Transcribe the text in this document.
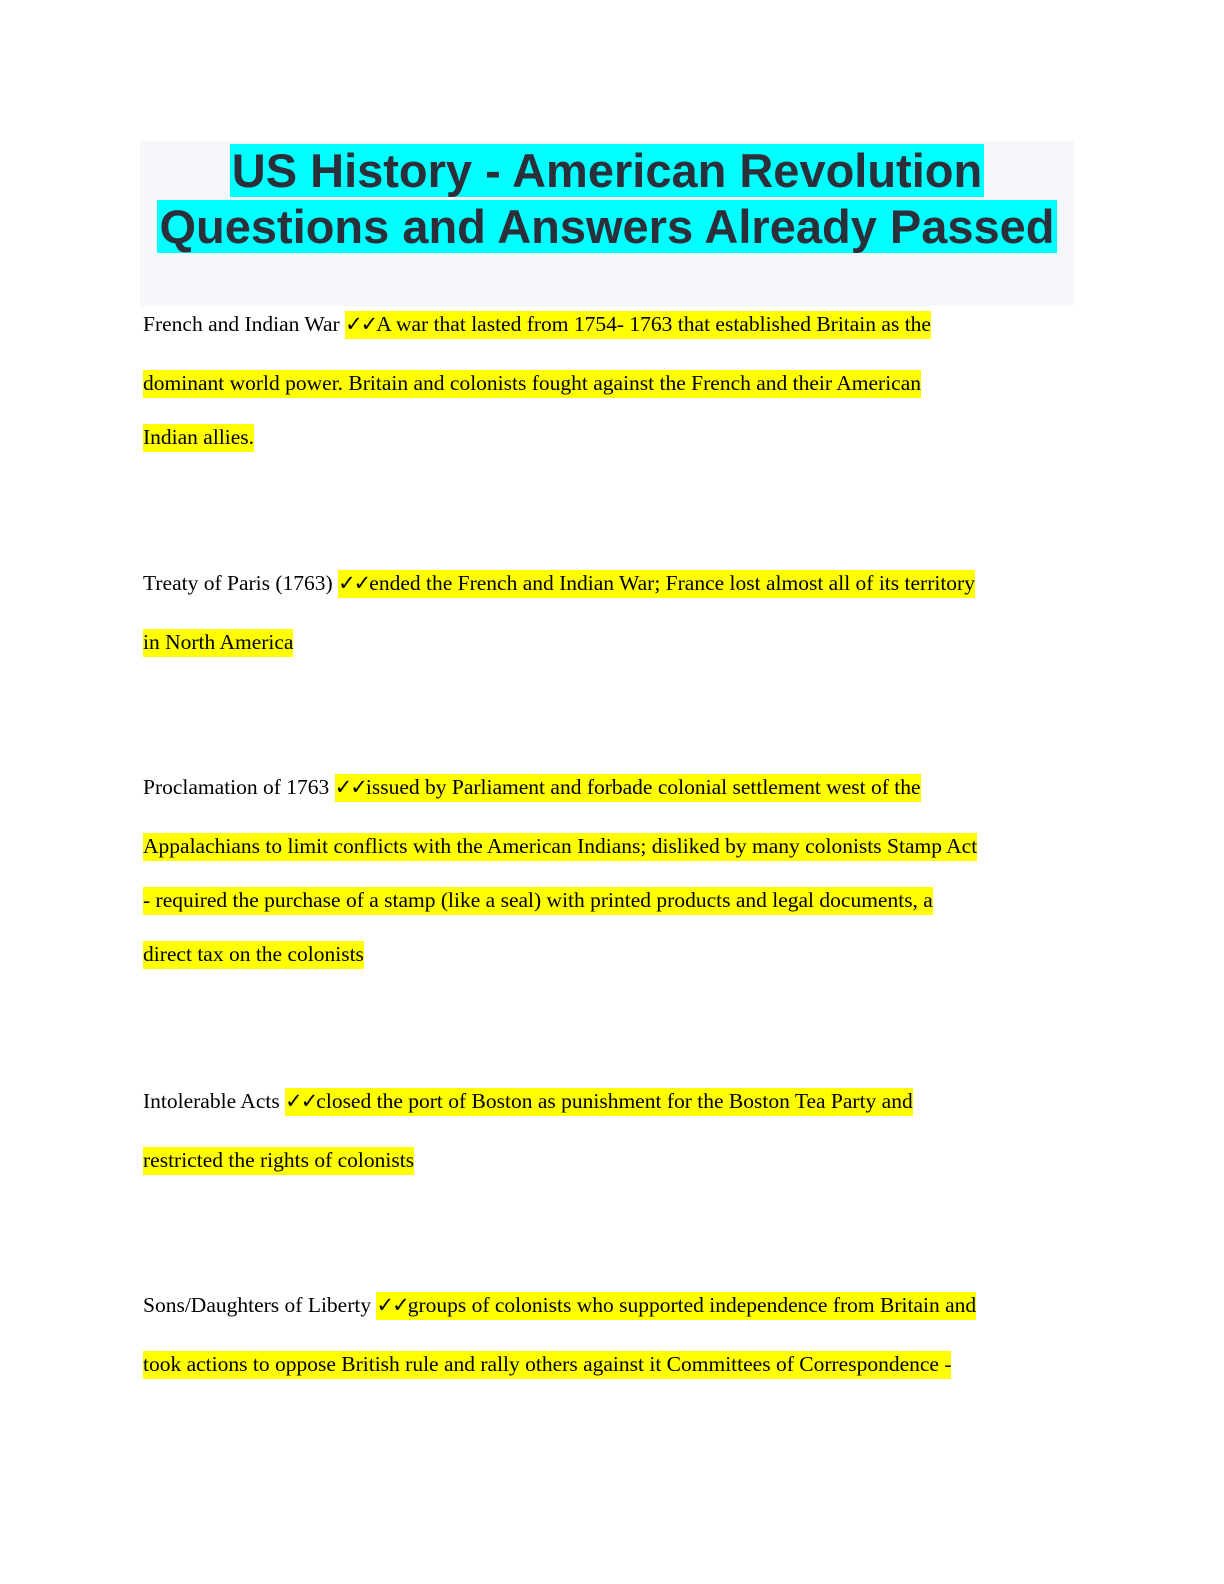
US History - American Revolution
Questions and Answers Already Passed
French and Indian War ✓✓A war that lasted from 1754- 1763 that established Britain as the
dominant world power. Britain and colonists fought against the French and their American
Indian allies.
Treaty of Paris (1763) ✓✓ended the French and Indian War; France lost almost all of its territory
in North America
Proclamation of 1763 ✓✓issued by Parliament and forbade colonial settlement west of the
Appalachians to limit conflicts with the American Indians; disliked by many colonists Stamp Act
- required the purchase of a stamp (like a seal) with printed products and legal documents, a
direct tax on the colonists
Intolerable Acts ✓✓closed the port of Boston as punishment for the Boston Tea Party and
restricted the rights of colonists
Sons/Daughters of Liberty ✓✓groups of colonists who supported independence from Britain and
took actions to oppose British rule and rally others against it Committees of Correspondence -
